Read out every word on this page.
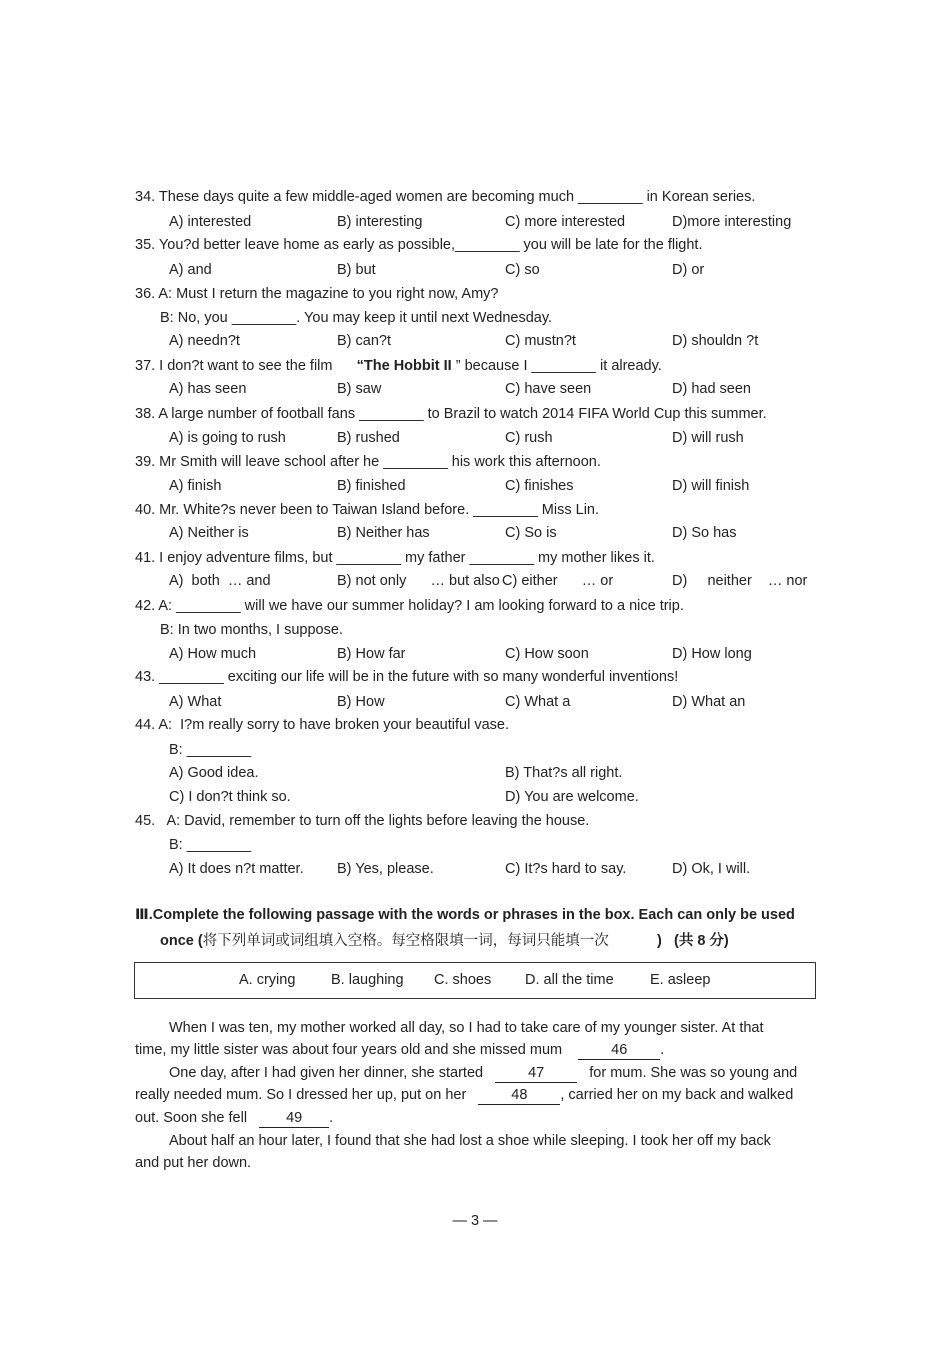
34. These days quite a few middle-aged women are becoming much ________ in Korean series.
A) interested	B) interesting	C) more interested	D)more interesting
35. You?d better leave home as early as possible,________ you will be late for the flight.
A) and	B) but	C) so	D) or
36. A: Must I return the magazine to you right now, Amy?
B: No, you ________. You may keep it until next Wednesday.
A) needn?t	B) can?t	C) mustn?t	D) shouldn ?t
37. I don?t want to see the film “The Hobbit II ” because I ________ it already.
A) has seen	B) saw	C) have seen	D) had seen
38. A large number of football fans ________ to Brazil to watch 2014 FIFA World Cup this summer.
A) is going to rush	B) rushed	C) rush	D) will rush
39. Mr Smith will leave school after he ________ his work this afternoon.
A) finish	B) finished	C) finishes	D) will finish
40. Mr. White?s never been to Taiwan Island before. ________ Miss Lin.
A) Neither is	B) Neither has	C) So is	D) So has
41. I enjoy adventure films, but ________ my father ________ my mother likes it.
A)  both  … and	B) not only      … but also C) either      … or	D)     neither    … nor
42. A: ________ will we have our summer holiday? I am looking forward to a nice trip.
B: In two months, I suppose.
A) How much	B) How far	C) How soon	D) How long
43. ________ exciting our life will be in the future with so many wonderful inventions!
A) What	B) How	C) What a	D) What an
44. A:  I?m really sorry to have broken your beautiful vase.
B: ________
A) Good idea.	B) That?s all right.
C) I don?t think so.	D) You are welcome.
45.   A: David, remember to turn off the lights before leaving the house.
B: ________
A) It does n?t matter. B) Yes, please.	C) It?s hard to say.	D) Ok, I will.
Ⅲ.Complete the following passage with the words or phrases in the box. Each can only be used
once (将下列单词或词组填入空格。每空格限填一词，每词只能填一次	) (共 8 分)
A. crying B. laughing C. shoes D. all the time	E. asleep
When I was ten, my mother worked all day, so I had to take care of my younger sister. At that
time, my little sister was about four years old and she missed mum	46 .
One day, after I had given her dinner, she started	47	for mum. She was so young and
really needed mum. So I dressed her up, put on her	48 , carried her on my back and walked
out. Soon she fell	49 .
About half an hour later, I found that she had lost a shoe while sleeping. I took her off my back
and put her down.
— 3 —
